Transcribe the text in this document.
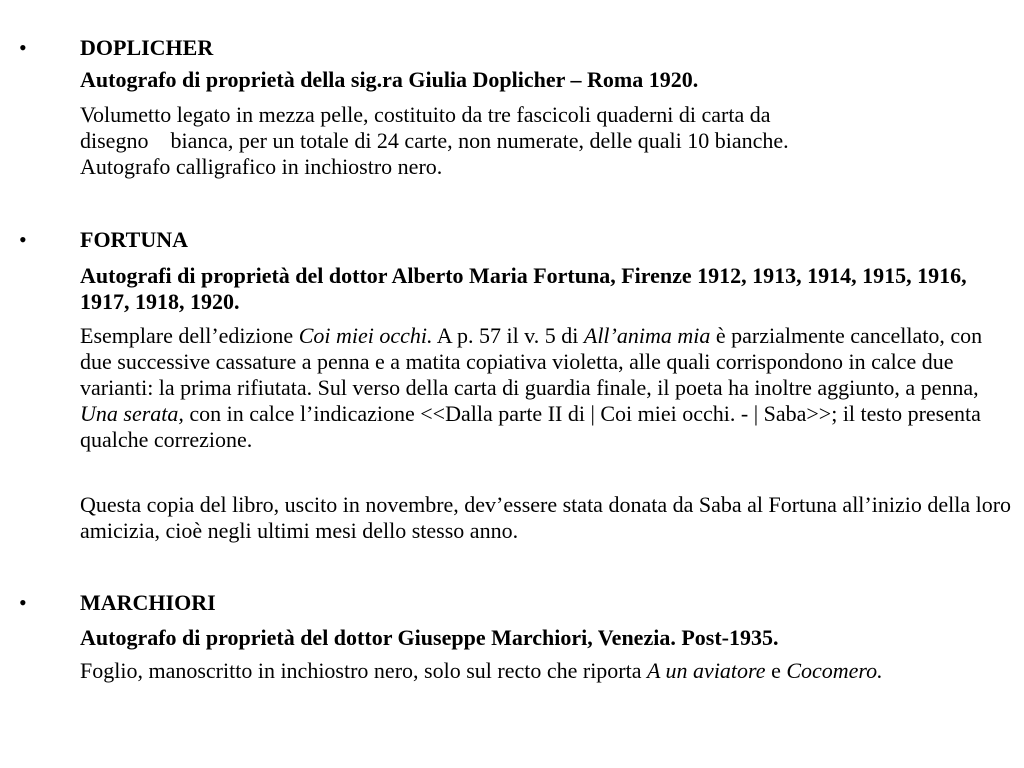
• DOPLICHER
Autografo di proprietà della sig.ra Giulia Doplicher – Roma 1920.
Volumetto legato in mezza pelle, costituito da tre fascicoli quaderni di carta da
disegno bianca, per un totale di 24 carte, non numerate, delle quali 10 bianche.
Autografo calligrafico in inchiostro nero.
• FORTUNA
Autografi di proprietà del dottor Alberto Maria Fortuna, Firenze 1912, 1913, 1914, 1915, 1916, 1917, 1918, 1920.
Esemplare dell’edizione Coi miei occhi. A p. 57 il v. 5 di All’anima mia è parzialmente cancellato, con due successive cassature a penna e a matita copiativa violetta, alle quali corrispondono in calce due varianti: la prima rifiutata. Sul verso della carta di guardia finale, il poeta ha inoltre aggiunto, a penna, Una serata, con in calce l’indicazione <<Dalla parte II di | Coi miei occhi. - | Saba>>; il testo presenta qualche correzione.
Questa copia del libro, uscito in novembre, dev’essere stata donata da Saba al Fortuna all’inizio della loro amicizia, cioè negli ultimi mesi dello stesso anno.
• MARCHIORI
Autografo di proprietà del dottor Giuseppe Marchiori, Venezia. Post-1935.
Foglio, manoscritto in inchiostro nero, solo sul recto che riporta A un aviatore e Cocomero.
